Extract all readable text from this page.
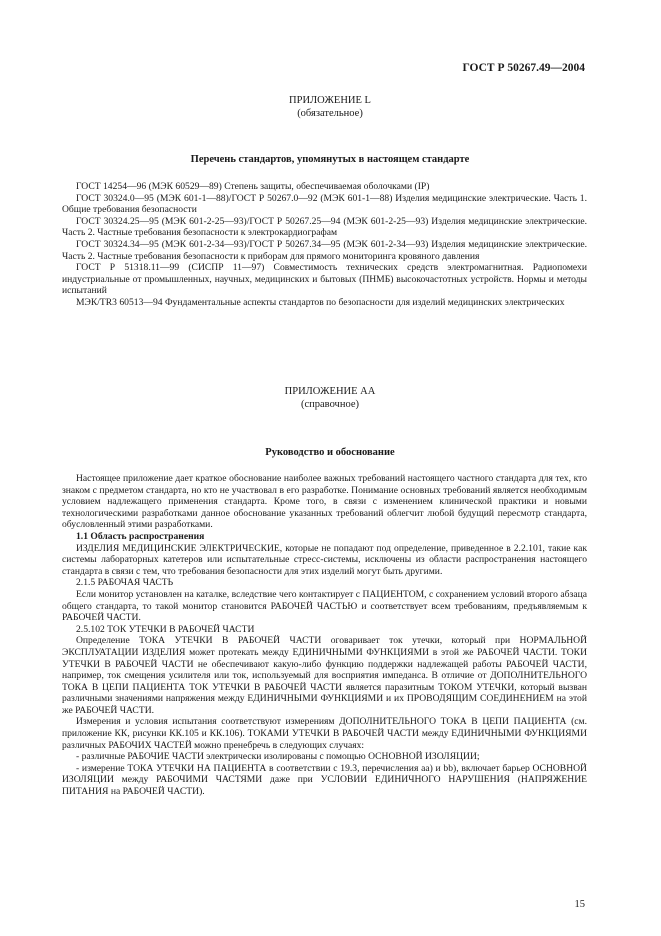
ГОСТ Р 50267.49—2004
ПРИЛОЖЕНИЕ L
(обязательное)
Перечень стандартов, упомянутых в настоящем стандарте

ГОСТ 14254—96 (МЭК 60529—89) Степень защиты, обеспечиваемая оболочками (IP)

ГОСТ 30324.0—95 (МЭК 601-1—88)/ГОСТ Р 50267.0—92 (МЭК 601-1—88) Изделия медицинские электрические. Часть 1. Общие требования безопасности

ГОСТ 30324.25—95 (МЭК 601-2-25—93)/ГОСТ Р 50267.25—94 (МЭК 601-2-25—93) Изделия медицинские электрические. Часть 2. Частные требования безопасности к электрокардиографам

ГОСТ 30324.34—95 (МЭК 601-2-34—93)/ГОСТ Р 50267.34—95 (МЭК 601-2-34—93) Изделия медицинские электрические. Часть 2. Частные требования безопасности к приборам для прямого мониторинга кровяного давления

ГОСТ Р 51318.11—99 (СИСПР 11—97) Совместимость технических средств электромагнитная. Радиопомехи индустриальные от промышленных, научных, медицинских и бытовых (ПНМБ) высокочастотных устройств. Нормы и методы испытаний

МЭК/TR3 60513—94 Фундаментальные аспекты стандартов по безопасности для изделий медицинских электрических

ПРИЛОЖЕНИЕ АА
(справочное)
Руководство и обоснование

Настоящее приложение дает краткое обоснование наиболее важных требований настоящего частного стандарта для тех, кто знаком с предметом стандарта, но кто не участвовал в его разработке. Понимание основных требований является необходимым условием надлежащего применения стандарта. Кроме того, в связи с изменением клинической практики и новыми технологическими разработками данное обоснование указанных требований облегчит любой будущий пересмотр стандарта, обусловленный этими разработками.

1.1 Область распространения

ИЗДЕЛИЯ МЕДИЦИНСКИЕ ЭЛЕКТРИЧЕСКИЕ, которые не попадают под определение, приведенное в 2.2.101, такие как системы лабораторных катетеров или испытательные стресс-системы, исключены из области распространения настоящего стандарта в связи с тем, что требования безопасности для этих изделий могут быть другими.

2.1.5 РАБОЧАЯ ЧАСТЬ

Если монитор установлен на каталке, вследствие чего контактирует с ПАЦИЕНТОМ, с сохранением условий второго абзаца общего стандарта, то такой монитор становится РАБОЧЕЙ ЧАСТЬЮ и соответствует всем требованиям, предъявляемым к РАБОЧЕЙ ЧАСТИ.

2.5.102 ТОК УТЕЧКИ В РАБОЧЕЙ ЧАСТИ

Определение ТОКА УТЕЧКИ В РАБОЧЕЙ ЧАСТИ оговаривает ток утечки, который при НОРМАЛЬНОЙ ЭКСПЛУАТАЦИИ ИЗДЕЛИЯ может протекать между ЕДИНИЧНЫМИ ФУНКЦИЯМИ в этой же РАБОЧЕЙ ЧАСТИ. ТОКИ УТЕЧКИ В РАБОЧЕЙ ЧАСТИ не обеспечивают какую-либо функцию поддержки надлежащей работы РАБОЧЕЙ ЧАСТИ, например, ток смещения усилителя или ток, используемый для восприятия импеданса. В отличие от ДОПОЛНИТЕЛЬНОГО ТОКА В ЦЕПИ ПАЦИЕНТА ТОК УТЕЧКИ В РАБОЧЕЙ ЧАСТИ является паразитным ТОКОМ УТЕЧКИ, который вызван различными значениями напряжения между ЕДИНИЧНЫМИ ФУНКЦИЯМИ и их ПРОВОДЯЩИМ СОЕДИНЕНИЕМ на этой же РАБОЧЕЙ ЧАСТИ.

Измерения и условия испытания соответствуют измерениям ДОПОЛНИТЕЛЬНОГО ТОКА В ЦЕПИ ПАЦИЕНТА (см. приложение КК, рисунки КК.105 и КК.106). ТОКАМИ УТЕЧКИ В РАБОЧЕЙ ЧАСТИ между ЕДИНИЧНЫМИ ФУНКЦИЯМИ различных РАБОЧИХ ЧАСТЕЙ можно пренебречь в следующих случаях:

- различные РАБОЧИЕ ЧАСТИ электрически изолированы с помощью ОСНОВНОЙ ИЗОЛЯЦИИ;

- измерение ТОКА УТЕЧКИ НА ПАЦИЕНТА в соответствии с 19.3, перечисления аа) и bb), включает барьер ОСНОВНОЙ ИЗОЛЯЦИИ между РАБОЧИМИ ЧАСТЯМИ даже при УСЛОВИИ ЕДИНИЧНОГО НАРУШЕНИЯ (НАПРЯЖЕНИЕ ПИТАНИЯ на РАБОЧЕЙ ЧАСТИ).

15
